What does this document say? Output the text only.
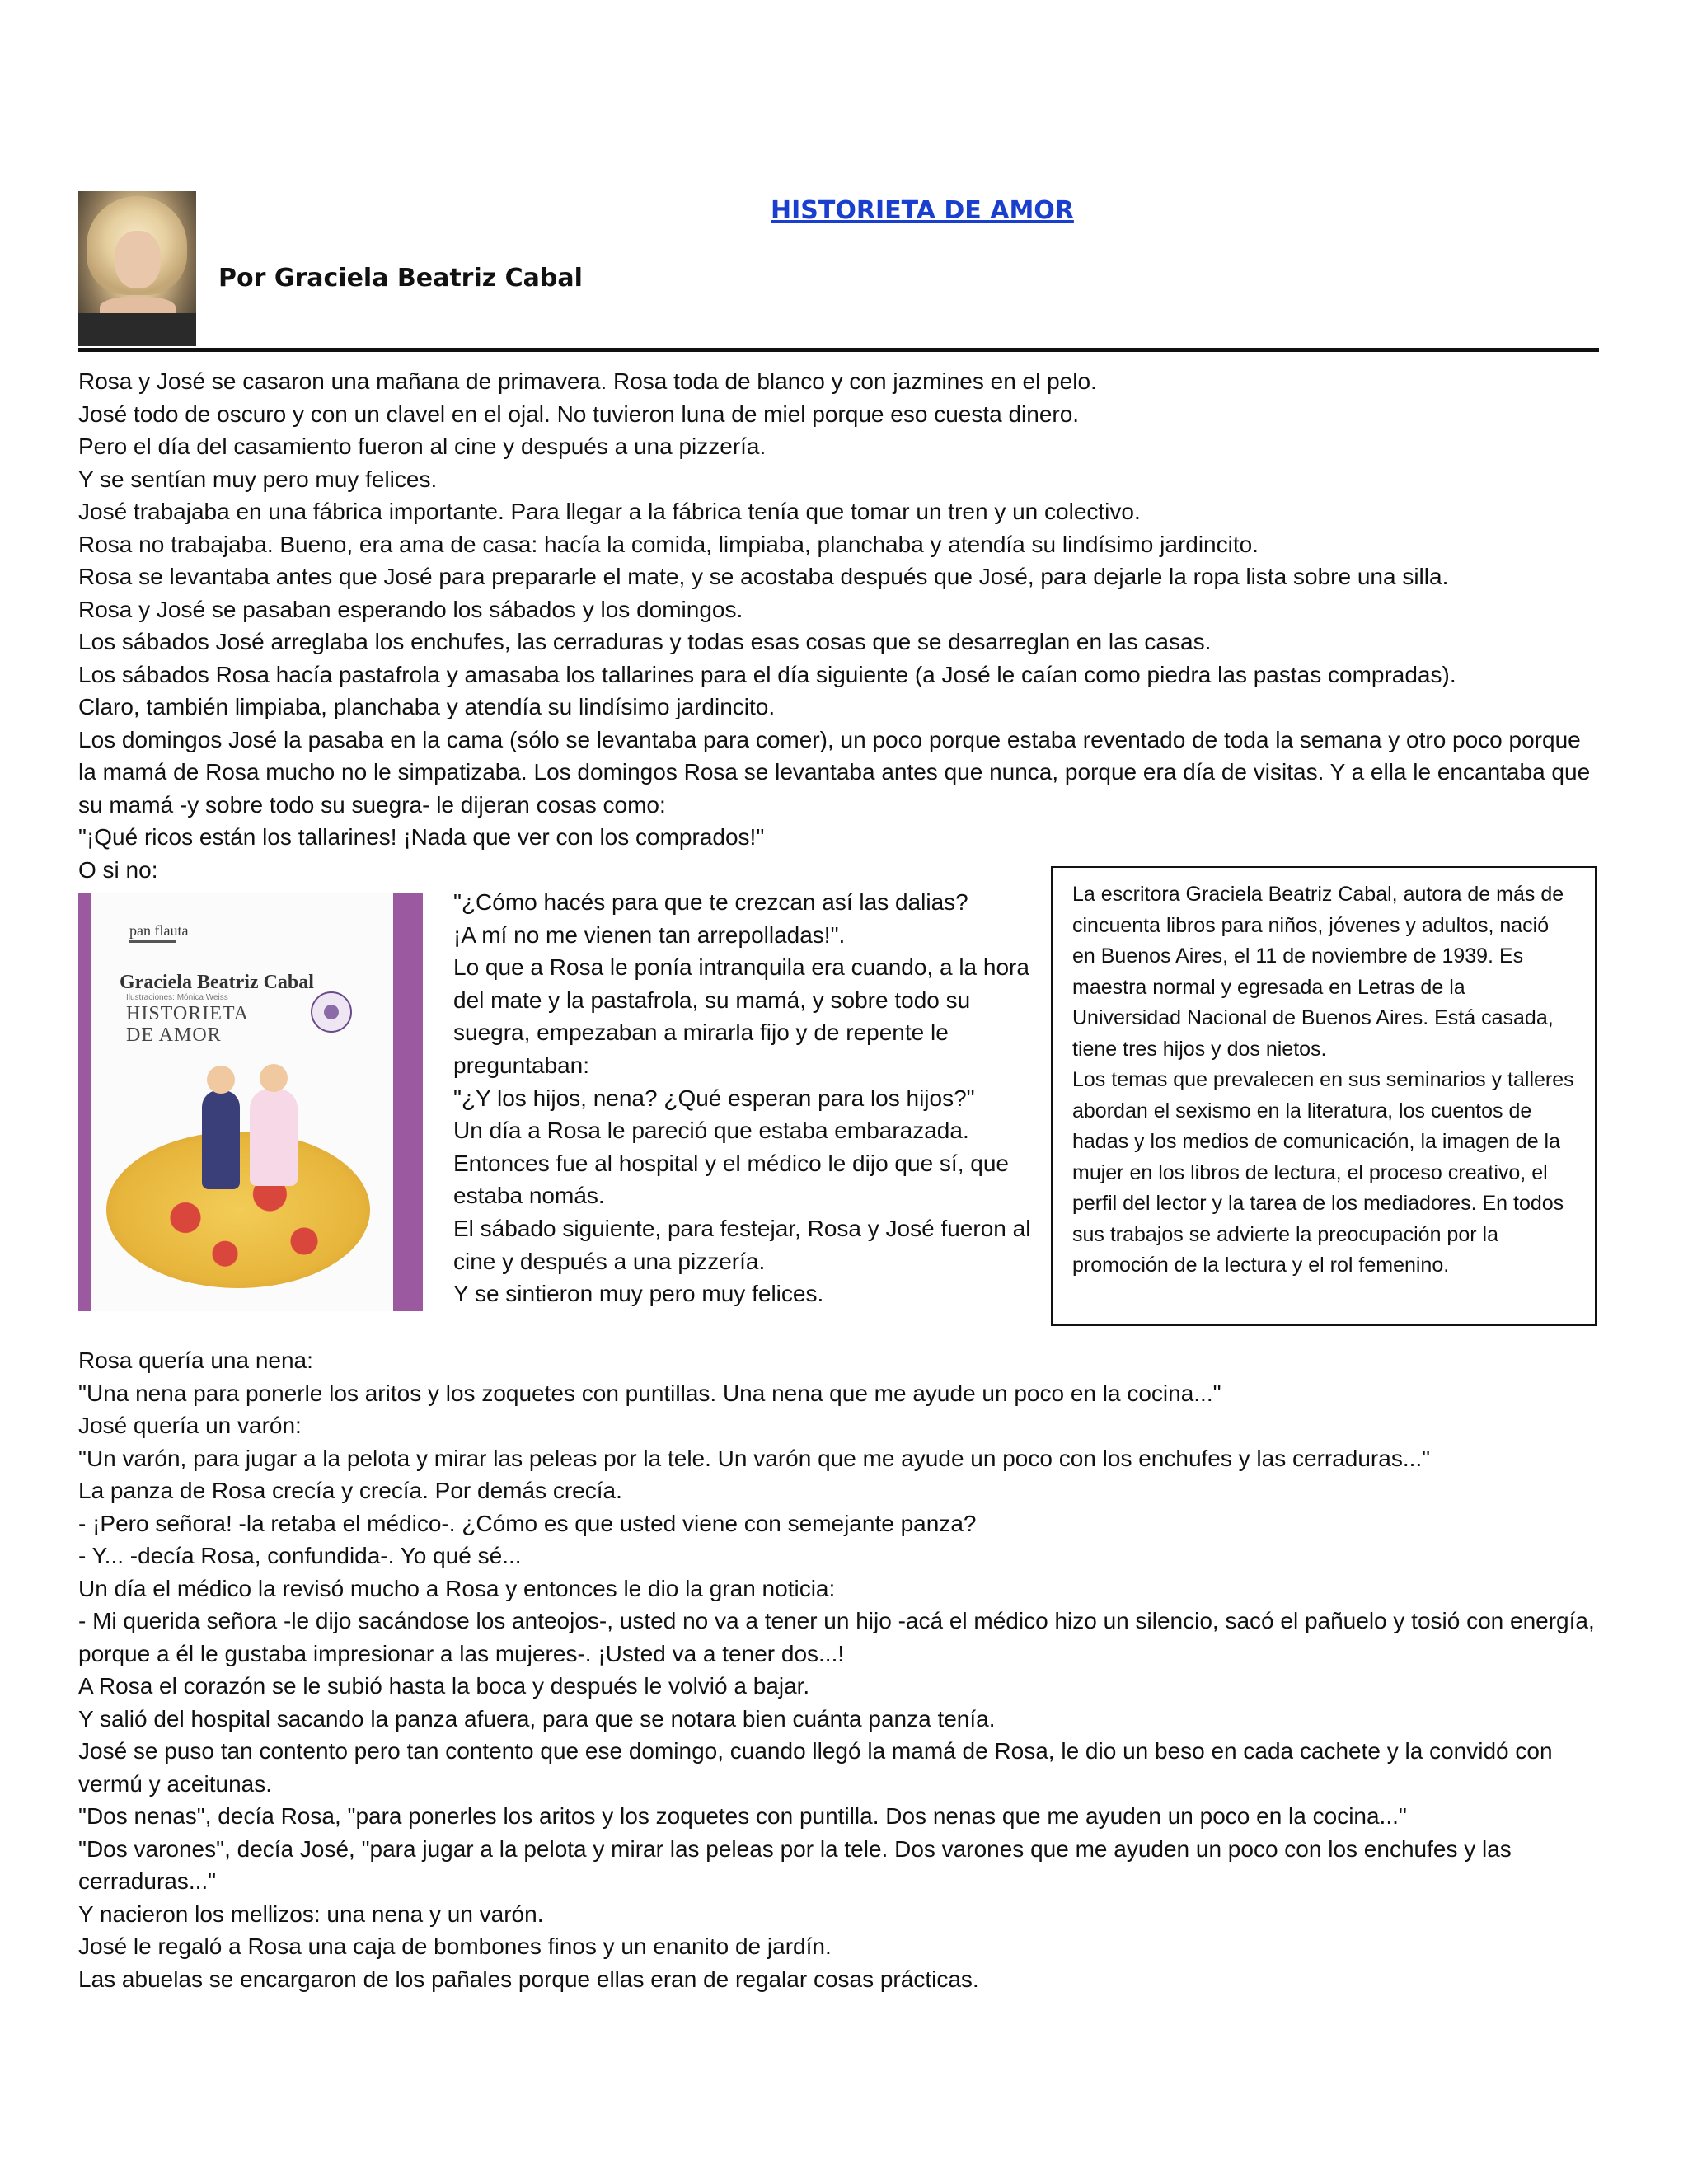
HISTORIETA DE AMOR
Por Graciela Beatriz Cabal

Rosa y José se casaron una mañana de primavera. Rosa toda de blanco y con jazmines en el pelo.

José todo de oscuro y con un clavel en el ojal. No tuvieron luna de miel porque eso cuesta dinero.

Pero el día del casamiento fueron al cine y después a una pizzería.

Y se sentían muy pero muy felices.

José trabajaba en una fábrica importante. Para llegar a la fábrica tenía que tomar un tren y un colectivo.

Rosa no trabajaba. Bueno, era ama de casa: hacía la comida, limpiaba, planchaba y atendía su lindísimo jardincito.

Rosa se levantaba antes que José para prepararle el mate, y se acostaba después que José, para dejarle la ropa lista sobre una silla.

Rosa y José se pasaban esperando los sábados y los domingos.

Los sábados José arreglaba los enchufes, las cerraduras y todas esas cosas que se desarreglan en las casas.

Los sábados Rosa hacía pastafrola y amasaba los tallarines para el día siguiente (a José le caían como piedra las pastas compradas).

Claro, también limpiaba, planchaba y atendía su lindísimo jardincito.

Los domingos José la pasaba en la cama (sólo se levantaba para comer), un poco porque estaba reventado de toda la semana y otro poco porque la mamá de Rosa mucho no le simpatizaba. Los domingos Rosa se levantaba antes que nunca, porque era día de visitas. Y a ella le encantaba que su mamá -y sobre todo su suegra- le dijeran cosas como:

"¡Qué ricos están los tallarines! ¡Nada que ver con los comprados!"

O si no:

pan flauta
Graciela Beatriz Cabal
Ilustraciones: Mónica Weiss
HISTORIETA
DE AMOR

"¿Cómo hacés para que te crezcan así las dalias?

¡A mí no me vienen tan arrepolladas!".

Lo que a Rosa le ponía intranquila era cuando, a la hora del mate y la pastafrola, su mamá, y sobre todo su suegra, empezaban a mirarla fijo y de repente le preguntaban:

"¿Y los hijos, nena? ¿Qué esperan para los hijos?"

Un día a Rosa le pareció que estaba embarazada. Entonces fue al hospital y el médico le dijo que sí, que estaba nomás.

El sábado siguiente, para festejar, Rosa y José fueron al cine y después a una pizzería.

Y se sintieron muy pero muy felices.

La escritora Graciela Beatriz Cabal, autora de más de cincuenta libros para niños, jóvenes y adultos, nació en Buenos Aires, el 11 de noviembre de 1939. Es maestra normal y egresada en Letras de la Universidad Nacional de Buenos Aires. Está casada, tiene tres hijos y dos nietos.

Los temas que prevalecen en sus seminarios y talleres abordan el sexismo en la literatura, los cuentos de hadas y los medios de comunicación, la imagen de la mujer en los libros de lectura, el proceso creativo, el perfil del lector y la tarea de los mediadores. En todos sus trabajos se advierte la preocupación por la promoción de la lectura y el rol femenino.

Rosa quería una nena:

"Una nena para ponerle los aritos y los zoquetes con puntillas. Una nena que me ayude un poco en la cocina..."

José quería un varón:

"Un varón, para jugar a la pelota y mirar las peleas por la tele. Un varón que me ayude un poco con los enchufes y las cerraduras..."

La panza de Rosa crecía y crecía. Por demás crecía.

- ¡Pero señora! -la retaba el médico-. ¿Cómo es que usted viene con semejante panza?

- Y... -decía Rosa, confundida-. Yo qué sé...

Un día el médico la revisó mucho a Rosa y entonces le dio la gran noticia:

- Mi querida señora -le dijo sacándose los anteojos-, usted no va a tener un hijo -acá el médico hizo un silencio, sacó el pañuelo y tosió con energía, porque a él le gustaba impresionar a las mujeres-. ¡Usted va a tener dos...!

A Rosa el corazón se le subió hasta la boca y después le volvió a bajar.

Y salió del hospital sacando la panza afuera, para que se notara bien cuánta panza tenía.

José se puso tan contento pero tan contento que ese domingo, cuando llegó la mamá de Rosa, le dio un beso en cada cachete y la convidó con vermú y aceitunas.

"Dos nenas", decía Rosa, "para ponerles los aritos y los zoquetes con puntilla. Dos nenas que me ayuden un poco en la cocina..."

"Dos varones", decía José, "para jugar a la pelota y mirar las peleas por la tele. Dos varones que me ayuden un poco con los enchufes y las cerraduras..."

Y nacieron los mellizos: una nena y un varón.

José le regaló a Rosa una caja de bombones finos y un enanito de jardín.

Las abuelas se encargaron de los pañales porque ellas eran de regalar cosas prácticas.
